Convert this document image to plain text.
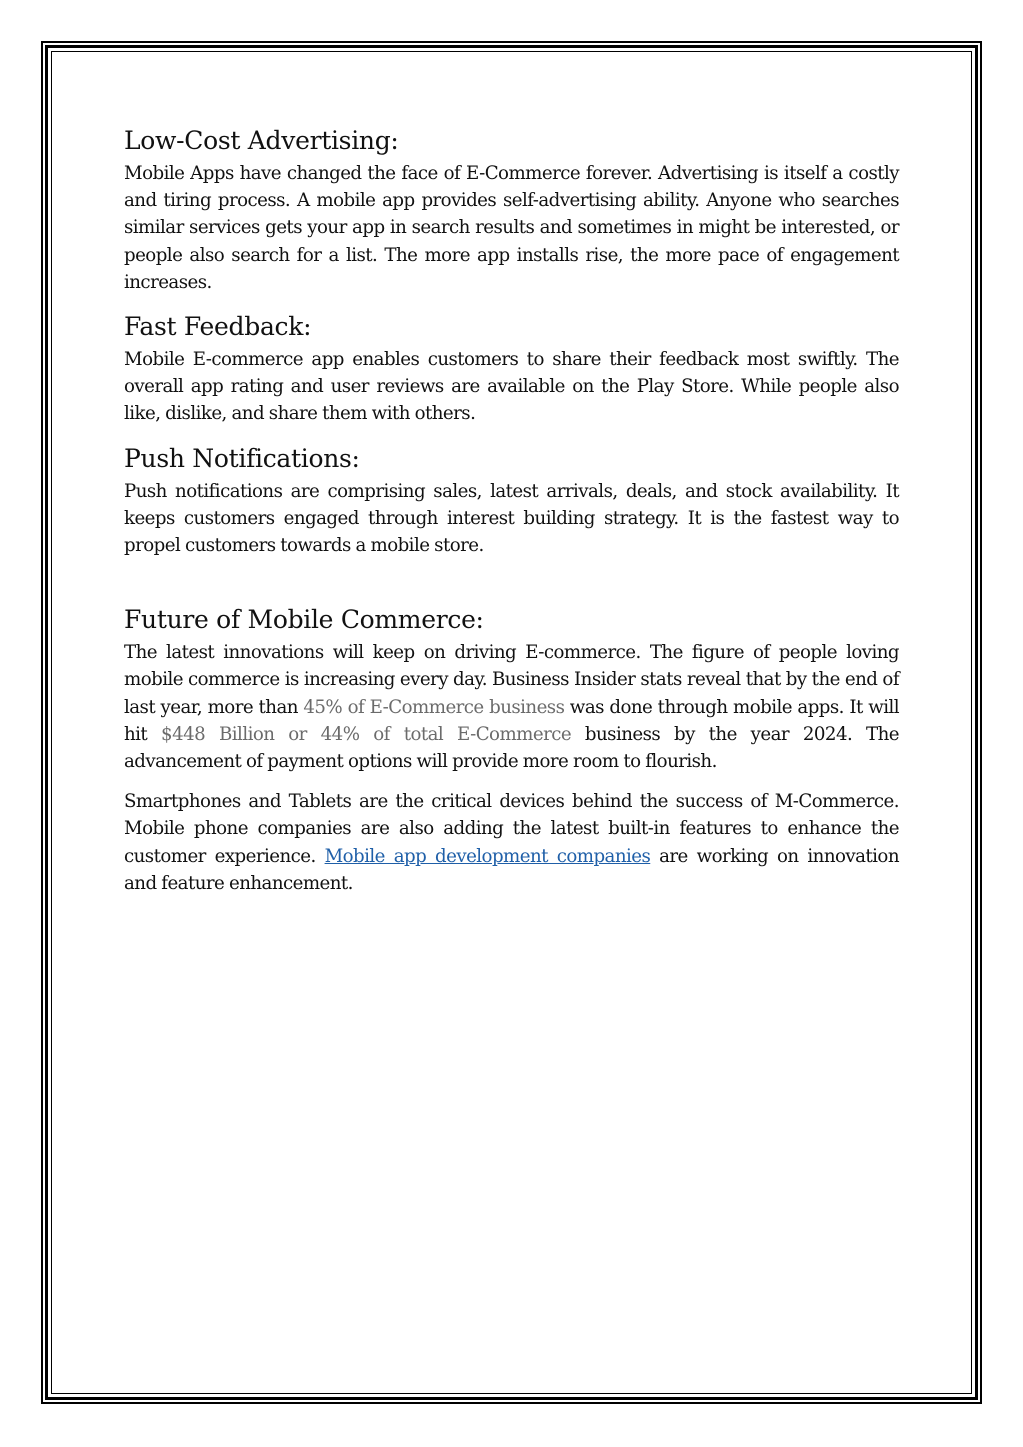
Low-Cost Advertising:

Mobile Apps have changed the face of E-Commerce forever. Advertising is itself a costly and tiring process. A mobile app provides self-advertising ability. Anyone who searches similar services gets your app in search results and sometimes in might be interested, or people also search for a list. The more app installs rise, the more pace of engagement increases.

Fast Feedback:

Mobile E-commerce app enables customers to share their feedback most swiftly. The overall app rating and user reviews are available on the Play Store. While people also like, dislike, and share them with others.

Push Notifications:

Push notifications are comprising sales, latest arrivals, deals, and stock availability. It keeps customers engaged through interest building strategy. It is the fastest way to propel customers towards a mobile store.

Future of Mobile Commerce:

The latest innovations will keep on driving E-commerce. The figure of people loving mobile commerce is increasing every day. Business Insider stats reveal that by the end of last year, more than 45% of E-Commerce business was done through mobile apps. It will hit $448 Billion or 44% of total E-Commerce business by the year 2024. The advancement of payment options will provide more room to flourish.

Smartphones and Tablets are the critical devices behind the success of M-Commerce. Mobile phone companies are also adding the latest built-in features to enhance the customer experience. Mobile app development companies are working on innovation and feature enhancement.
